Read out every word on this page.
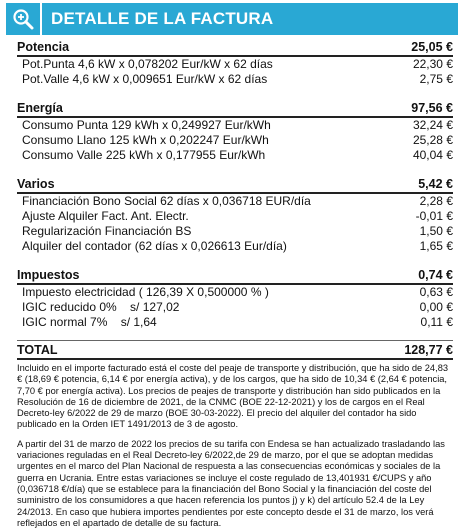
DETALLE DE LA FACTURA
Potencia	25,05 €
Pot.Punta 4,6 kW x 0,078202 Eur/kW x 62 días	22,30 €
Pot.Valle 4,6 kW x 0,009651 Eur/kW x 62 días	2,75 €
Energía	97,56 €
Consumo Punta 129 kWh x 0,249927 Eur/kWh	32,24 €
Consumo Llano 125 kWh x 0,202247 Eur/kWh	25,28 €
Consumo Valle 225 kWh x 0,177955 Eur/kWh	40,04 €
Varios	5,42 €
Financiación Bono Social 62 días x 0,036718 EUR/día	2,28 €
Ajuste Alquiler Fact. Ant. Electr.	-0,01 €
Regularización Financiación BS	1,50 €
Alquiler del contador (62 días x 0,026613 Eur/día)	1,65 €
Impuestos	0,74 €
Impuesto electricidad ( 126,39 X 0,500000 % )	0,63 €
IGIC reducido 0%    s/ 127,02	0,00 €
IGIC normal 7%    s/ 1,64	0,11 €
TOTAL	128,77 €
Incluido en el importe facturado está el coste del peaje de transporte y distribución, que ha sido de 24,83 € (18,69 € potencia, 6,14 € por energía activa), y de los cargos, que ha sido de 10,34 € (2,64 € potencia, 7,70 € por energía activa). Los precios de peajes de transporte y distribución han sido publicados en la Resolución de 16 de diciembre de 2021, de la CNMC (BOE 22-12-2021) y los de cargos en el Real Decreto-ley 6/2022 de 29 de marzo (BOE 30-03-2022). El precio del alquiler del contador ha sido publicado en la Orden IET 1491/2013 de 3 de agosto.
A partir del 31 de marzo de 2022 los precios de su tarifa con Endesa se han actualizado trasladando las variaciones reguladas en el Real Decreto-ley 6/2022,de 29 de marzo, por el que se adoptan medidas urgentes en el marco del Plan Nacional de respuesta a las consecuencias económicas y sociales de la guerra en Ucrania. Entre estas variaciones se incluye el coste regulado de 13,401931 €/CUPS y año (0,036718 €/día) que se establece para la financiación del Bono Social y la financiación del coste del suministro de los consumidores a que hacen referencia los puntos j) y k) del artículo 52.4 de la Ley 24/2013. En caso que hubiera importes pendientes por este concepto desde el 31 de marzo, los verá reflejados en el apartado de detalle de su factura.
